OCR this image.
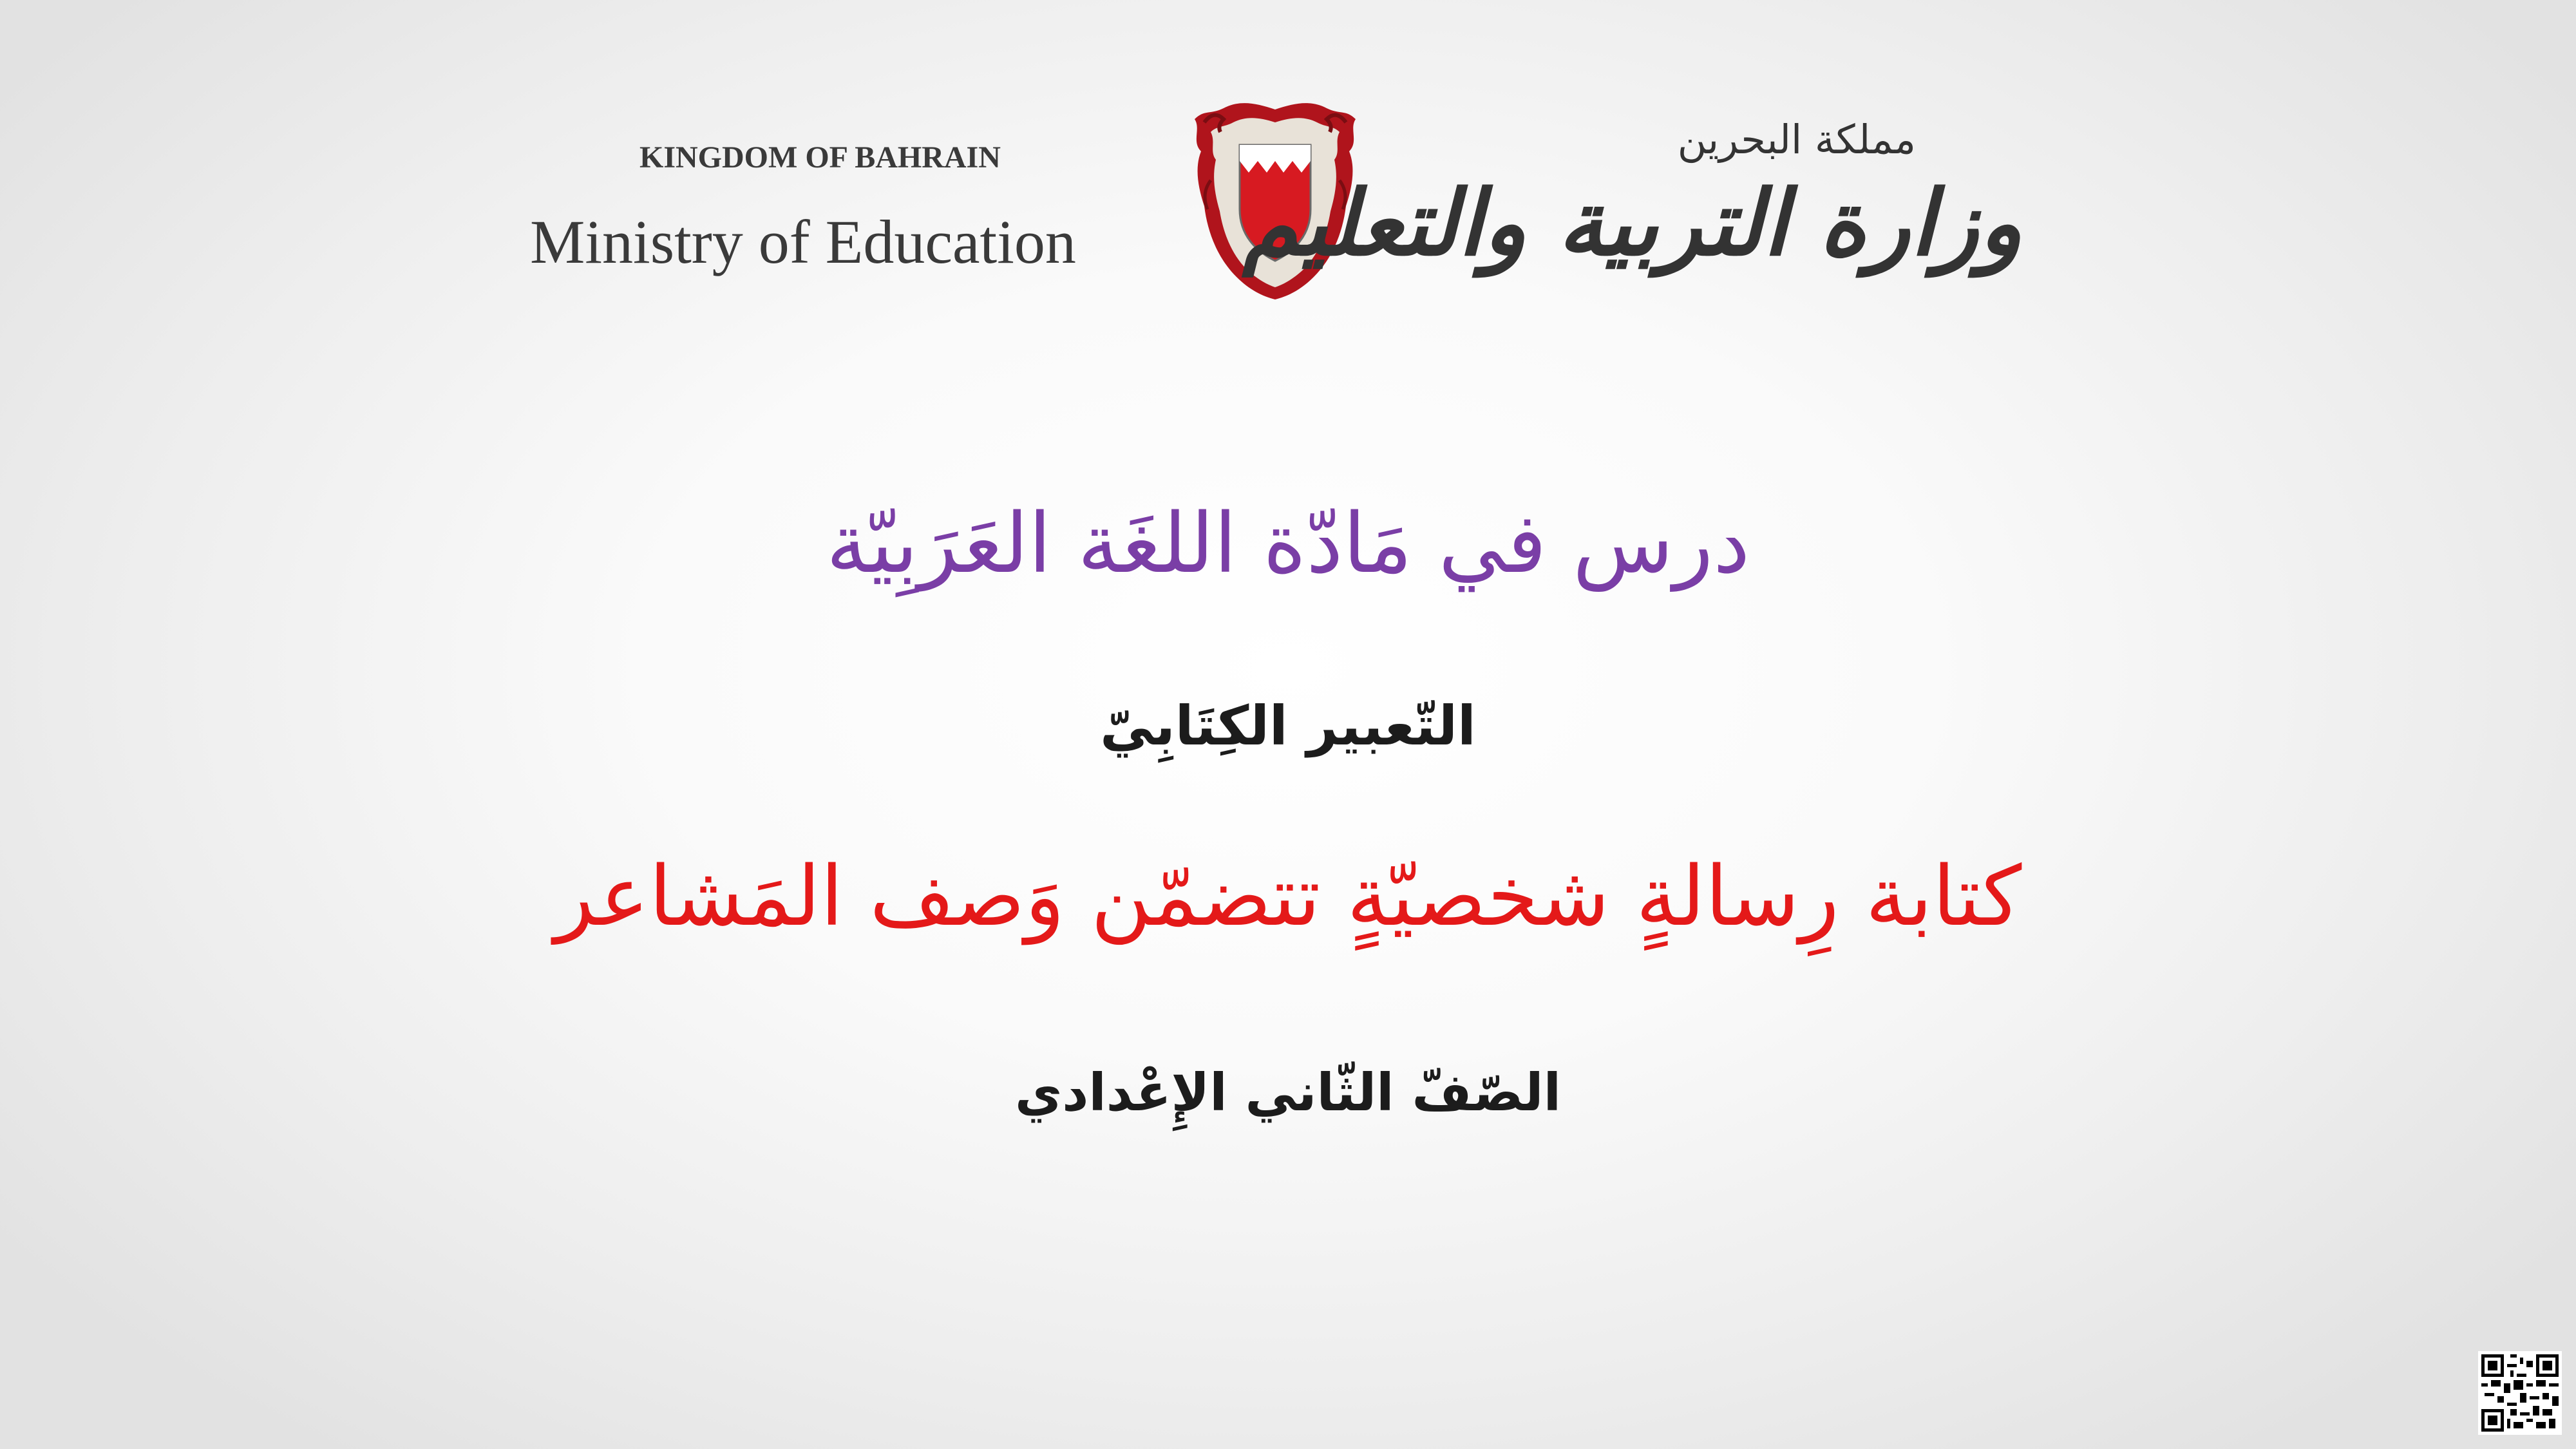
KINGDOM OF BAHRAIN
Ministry of Education
مملكة البحرين
وزارة التربية والتعليم
درس في مَادّة اللغَة العَرَبِيّة
التّعبير الكِتَابِيّ
كتابة رِسالةٍ شخصيّةٍ تتضمّن وَصف المَشاعر
الصّفّ الثّاني الإِعْدادي
